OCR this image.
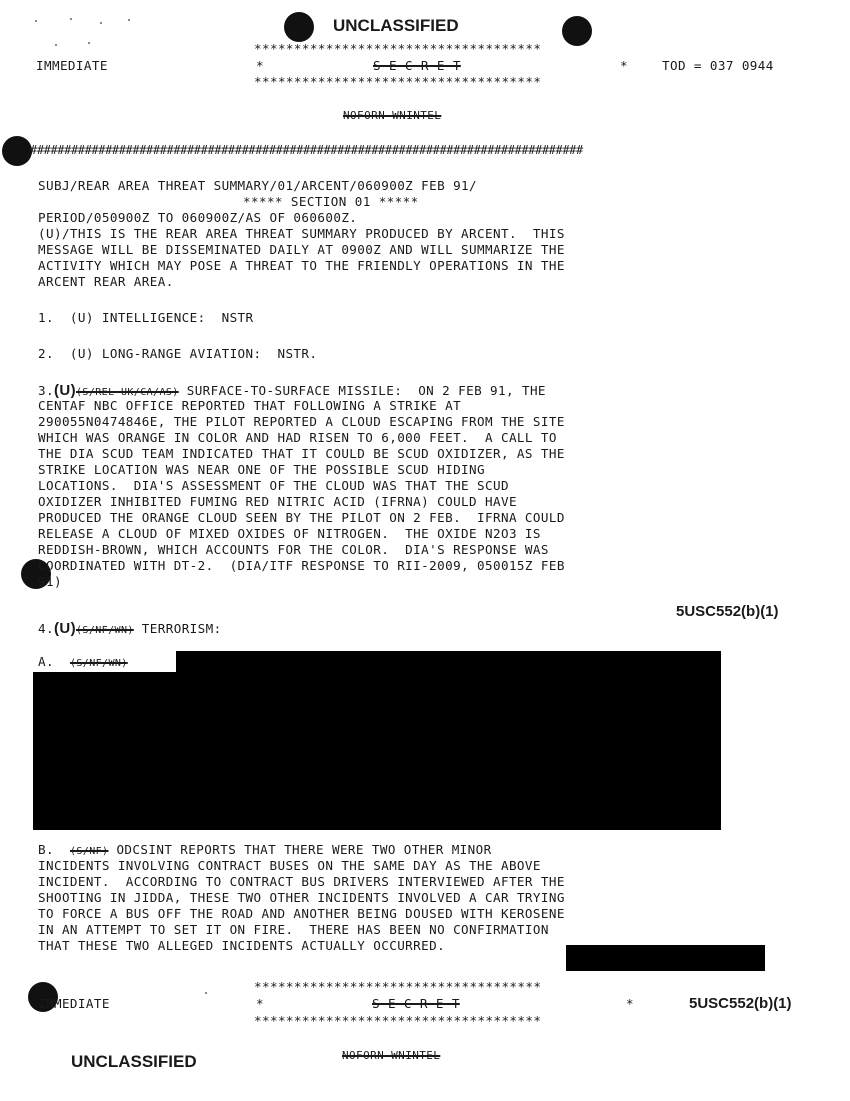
UNCLASSIFIED
************************************
IMMEDIATE	*	S E C R E T	*	TOD = 037 0944
************************************
NOFORN WNINTEL
#################################################################################
SUBJ/REAR AREA THREAT SUMMARY/01/ARCENT/060900Z FEB 91/
***** SECTION 01 *****
PERIOD/050900Z TO 060900Z/AS OF 060600Z.
(U)/THIS IS THE REAR AREA THREAT SUMMARY PRODUCED BY ARCENT.  THIS
MESSAGE WILL BE DISSEMINATED DAILY AT 0900Z AND WILL SUMMARIZE THE
ACTIVITY WHICH MAY POSE A THREAT TO THE FRIENDLY OPERATIONS IN THE
ARCENT REAR AREA.
1.  (U) INTELLIGENCE:  NSTR
2.  (U) LONG-RANGE AVIATION:  NSTR.
3.(U)(S/REL UK/CA/AS) SURFACE-TO-SURFACE MISSILE:  ON 2 FEB 91, THE
CENTAF NBC OFFICE REPORTED THAT FOLLOWING A STRIKE AT
290055N0474846E, THE PILOT REPORTED A CLOUD ESCAPING FROM THE SITE
WHICH WAS ORANGE IN COLOR AND HAD RISEN TO 6,000 FEET.  A CALL TO
THE DIA SCUD TEAM INDICATED THAT IT COULD BE SCUD OXIDIZER, AS THE
STRIKE LOCATION WAS NEAR ONE OF THE POSSIBLE SCUD HIDING
LOCATIONS.  DIA'S ASSESSMENT OF THE CLOUD WAS THAT THE SCUD
OXIDIZER INHIBITED FUMING RED NITRIC ACID (IFRNA) COULD HAVE
PRODUCED THE ORANGE CLOUD SEEN BY THE PILOT ON 2 FEB.  IFRNA COULD
RELEASE A CLOUD OF MIXED OXIDES OF NITROGEN.  THE OXIDE N2O3 IS
REDDISH-BROWN, WHICH ACCOUNTS FOR THE COLOR.  DIA'S RESPONSE WAS
COORDINATED WITH DT-2.  (DIA/ITF RESPONSE TO RII-2009, 050015Z FEB
91)
5USC552(b)(1)
4.(U)(S/NF/WN) TERRORISM:
A. (S/NF/WN)
B. (S/NF) ODCSINT REPORTS THAT THERE WERE TWO OTHER MINOR
INCIDENTS INVOLVING CONTRACT BUSES ON THE SAME DAY AS THE ABOVE
INCIDENT.  ACCORDING TO CONTRACT BUS DRIVERS INTERVIEWED AFTER THE
SHOOTING IN JIDDA, THESE TWO OTHER INCIDENTS INVOLVED A CAR TRYING
TO FORCE A BUS OFF THE ROAD AND ANOTHER BEING DOUSED WITH KEROSENE
IN AN ATTEMPT TO SET IT ON FIRE.  THERE HAS BEEN NO CONFIRMATION
THAT THESE TWO ALLEGED INCIDENTS ACTUALLY OCCURRED.
************************************
IMMEDIATE	*	S E C R E T	*	5USC552(b)(1)
************************************
UNCLASSIFIED	NOFORN WNINTEL
